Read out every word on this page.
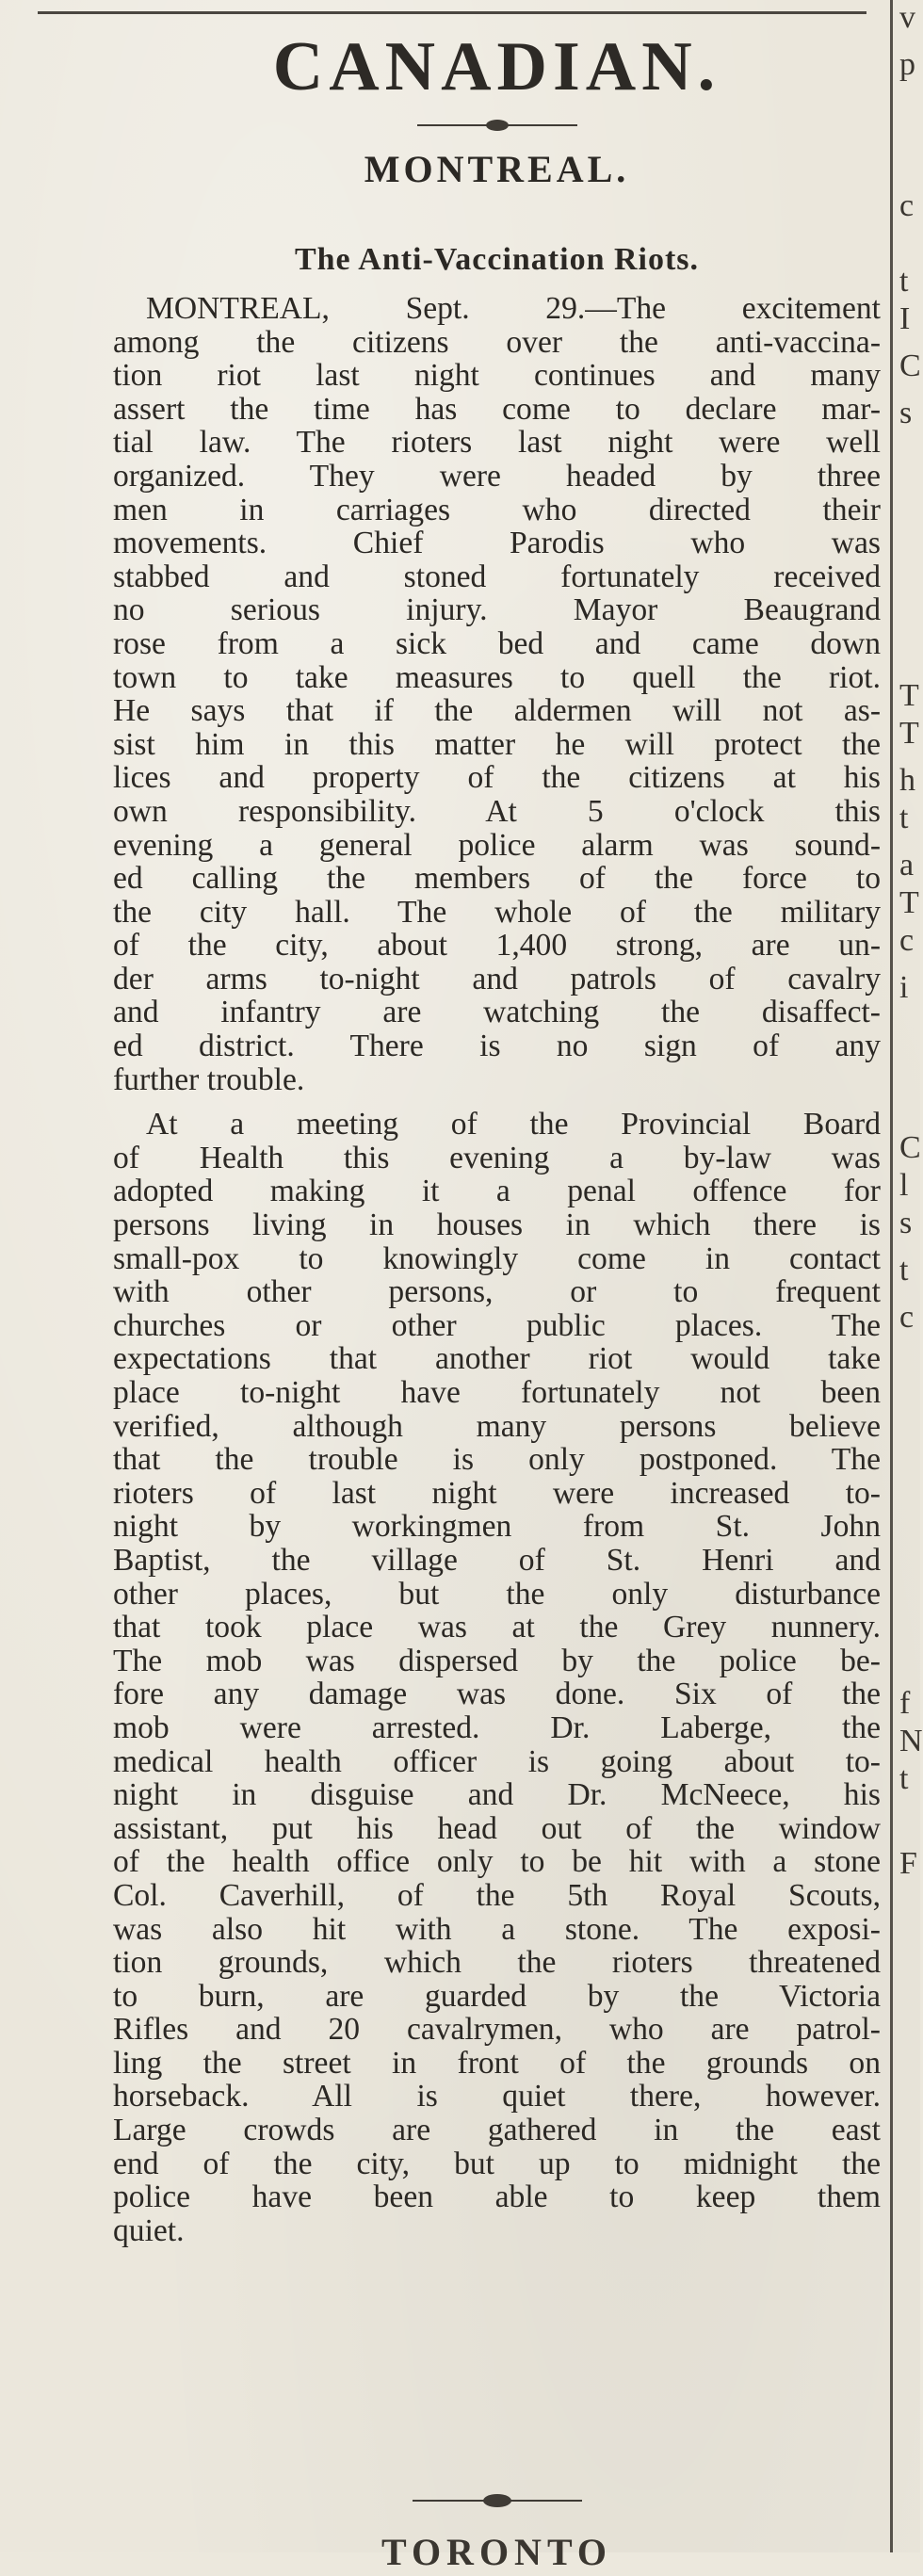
CANADIAN.
MONTREAL.
The Anti-Vaccination Riots.

MONTREAL, Sept. 29.—The excitement
among the citizens over the anti-vaccina-
tion riot last night continues and many
assert the time has come to declare mar-
tial law. The rioters last night were well
organized. They were headed by three
men in carriages who directed their
movements. Chief Parodis who was
stabbed and stoned fortunately received
no serious injury. Mayor Beaugrand
rose from a sick bed and came down
town to take measures to quell the riot.
He says that if the aldermen will not as-
sist him in this matter he will protect the
lices and property of the citizens at his
own responsibility. At 5 o'clock this
evening a general police alarm was sound-
ed calling the members of the force to
the city hall. The whole of the military
of the city, about 1,400 strong, are un-
der arms to-night and patrols of cavalry
and infantry are watching the disaffect-
ed district. There is no sign of any
further trouble.

At a meeting of the Provincial Board
of Health this evening a by-law was
adopted making it a penal offence for
persons living in houses in which there is
small-pox to knowingly come in contact
with other persons, or to frequent
churches or other public places. The
expectations that another riot would take
place to-night have fortunately not been
verified, although many persons believe
that the trouble is only postponed. The
rioters of last night were increased to-
night by workingmen from St. John
Baptist, the village of St. Henri and
other places, but the only disturbance
that took place was at the Grey nunnery.
The mob was dispersed by the police be-
fore any damage was done. Six of the
mob were arrested. Dr. Laberge, the
medical health officer is going about to-
night in disguise and Dr. McNeece, his
assistant, put his head out of the window
of the health office only to be hit with a stone
Col. Caverhill, of the 5th Royal Scouts,
was also hit with a stone. The exposi-
tion grounds, which the rioters threatened
to burn, are guarded by the Victoria
Rifles and 20 cavalrymen, who are patrol-
ling the street in front of the grounds on
horseback. All is quiet there, however.
Large crowds are gathered in the east
end of the city, but up to midnight the
police have been able to keep them
quiet.

TORONTO
v
p
c
t
I
C
s
T
T
h
t
a
T
c
i
C
l
s
t
c
f
N
t
F
